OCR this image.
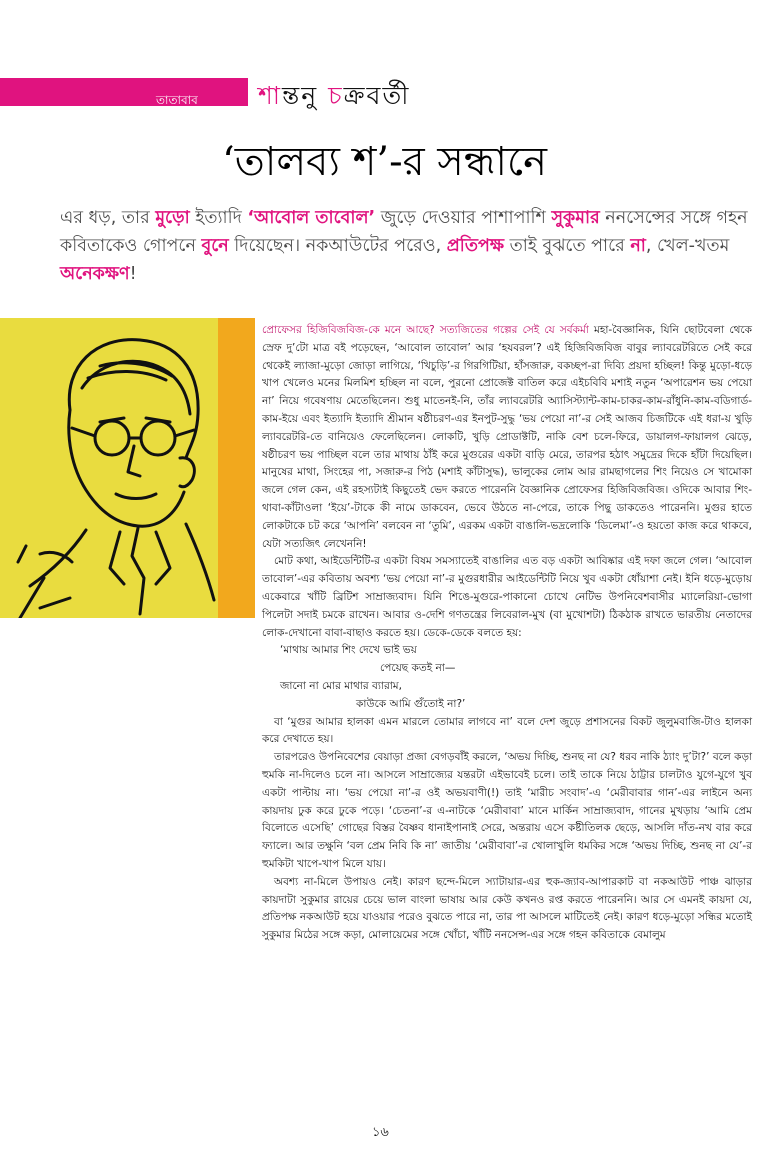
তাতাবাব শান্তনু চক্রবর্তী
‘তালব্য শ’-র সন্ধানে
এর ধড়, তার মুড়ো ইত্যাদি ‘আবোল তাবোল’ জুড়ে দেওয়ার পাশাপাশি সুকুমার ননসেন্সের সঙ্গে গহন কবিতাকেও গোপনে বুনে দিয়েছেন। নকআউটের পরেও, প্রতিপক্ষ তাই বুঝতে পারে না, খেল-খতম অনেকক্ষণ!

প্রোফেসর হিজিবিজবিজ-কে মনে আছে? সত্যজিতের গল্পের সেই যে সর্বকর্মা মহা-বৈজ্ঞানিক, যিনি ছোটবেলা থেকে স্রেফ দু’টো মাত্র বই পড়েছেন, ‘আবোল তাবোল’ আর ‘হযবরল’? এই হিজিবিজবিজ বাবুর ল্যাবরেটরিতে সেই করে থেকেই ল্যাজা-মুড়ো জোড়া লাগিয়ে, ‘খিচুড়ি’-র গিরগিটিয়া, হাঁসজারু, বকচ্ছপ-রা দিব্যি প্রয়দা হচ্ছিল! কিন্তু মুড়ো-ধড়ে খাপ খেলেও মনের মিলমিশ হচ্ছিল না বলে, পুরনো প্রোজেক্ট বাতিল করে এইচবিবি মশাই নতুন ‘অপারেশন ভয় পেয়ো না’ নিয়ে গবেষণায় মেতেছিলেন। শুধু মাতেনই-নি, তাঁর ল্যাবরেটরি অ্যাসিস্ট্যান্ট-কাম-চাকর-কাম-রাঁধুনি-কাম-বডিগার্ড-কাম-ইয়ে এবং ইত্যাদি ইত্যাদি শ্রীমান ষষ্ঠীচরণ-এর ইনপুট-সুদ্ধু ‘ভয় পেয়ো না’-র সেই আজব চিজটিকে এই ধরা-য় খুড়ি ল্যাবরেটরি-তে বানিয়েও ফেলেছিলেন। লোকটি, খুড়ি প্রোডাক্টটি, নাকি বেশ চলে-ফিরে, ডায়ালগ-ফায়ালগ ঝেড়ে, ষষ্ঠীচরণ ভয় পাচ্ছিল বলে তার মাথায় ঠাঁই করে মুগুরের একটা বাড়ি মেরে, তারপর হঠাৎ সমুদ্রের দিকে হাঁটা দিয়েছিল। মানুষের মাথা, সিংহের পা, সজারু-র পিঠ (মশাই কাঁটাসুদ্ধ), ভালুকের লোম আর রামছাগলের শিং নিয়েও সে খামোকা জলে গেল কেন, এই রহস্যটাই কিছুতেই ভেদ করতে পারেননি বৈজ্ঞানিক প্রোফেসর হিজিবিজবিজ। ওদিকে আবার শিং-থাবা-কাঁটাওলা ‘ইয়ে’-টাকে কী নামে ডাকবেন, ভেবে উঠতে না-পেরে, তাকে পিছু ডাকতেও পারেননি। মুগুর হাতে লোকটাকে চট করে ‘আপনি’ বলবেন না ‘তুমি’, এরকম একটা বাঙালি-ভদ্রলোকি ‘ডিলেমা’-ও হয়তো কাজ করে থাকবে, যেটা সত্যজিৎ লেখেননি!

মোট কথা, আইডেন্টিটি-র একটা বিষম সমস্যাতেই বাঙালির এত বড় একটা আবিষ্কার এই দফা জলে গেল। ‘আবোল তাবোল’-এর কবিতায় অবশ্য ‘ভয় পেয়ো না’-র মুগুরধারীর আইডেন্টিটি নিয়ে খুব একটা ধোঁয়াশা নেই। ইনি ধড়ে-মুড়োয় একেবারে খাঁটি ব্রিটিশ সাম্রাজ্যবাদ। যিনি শিঙে-মুগুরে-পাকানো চোখে নেটিভ উপনিবেশবাসীর ম্যালেরিয়া-ভোগা পিলেটা সদাই চমকে রাখেন। আবার ও-দেশি গণতন্ত্রের লিবেরাল-মুখ (বা মুখোশটা) ঠিকঠাক রাখতে ভারতীয় নেতাদের লোক-দেখানো বাবা-বাছাও করতে হয়। ডেকে-ডেকে বলতে হয়:

‘মাথায় আমার শিং দেখে ভাই ভয়
পেয়েছ কতই না—
জানো না মোর মাথার ব্যারাম,
কাউকে আমি গুঁতোই না?’

বা ‘মুগুর আমার হালকা এমন মারলে তোমার লাগবে না’ বলে দেশ জুড়ে প্রশাসনের বিকট জুলুমবাজি-টাও হালকা করে দেখাতে হয়।

তারপরেও উপনিবেশের বেয়াড়া প্রজা বেগড়বাঁই করলে, ‘অভয় দিচ্ছি, শুনছ না যে? ধরব নাকি ঠ্যাং দু’টা?’ বলে কড়া হুমকি না-দিলেও চলে না। আসলে সাম্রাজ্যের যন্তরটা এইভাবেই চলে। তাই তাকে নিয়ে ঠাট্টার চালটাও যুগে-যুগে খুব একটা পাল্টায় না। ‘ভয় পেয়ো না’-র ওই অভয়বাণী(!) তাই ‘মারীচ সংবাদ’-এ ‘মেরীবাবার গান’-এর লাইনে অন্য কায়দায় ঢুক করে ঢুকে পড়ে। ‘চেতনা’-র এ-নাটকে ‘মেরীবাবা’ মানে মার্কিন সাম্রাজ্যবাদ, গানের মুখড়ায় ‘আমি প্রেম বিলোতে এসেছি’ গোছের বিস্তর বৈষ্ণব ধানাইপানাই সেরে, অন্তরায় এসে কষ্টীতিলক ছেড়ে, আসলি দাঁত-নখ বার করে ফ্যালে। আর তক্ষুনি ‘বল প্রেম নিবি কি না’ জাতীয় ‘মেরীবাবা’-র খোলাখুলি ধমকির সঙ্গে ‘অভয় দিচ্ছি, শুনছ না যে’-র হুমকিটা খাপে-খাপ মিলে যায়।

অবশ্য না-মিলে উপায়ও নেই। কারণ ছন্দে-মিলে স্যাটায়ার-এর হুক-জ্যাব-আপারকাট বা নকআউট পাঞ্চ ঝাড়ার কায়দাটা সুকুমার রায়ের চেয়ে ভাল বাংলা ভাষায় আর কেউ কখনও রপ্ত করতে পারেননি। আর সে এমনই কায়দা যে, প্রতিপক্ষ নকআউট হয়ে যাওয়ার পরেও বুঝতে পারে না, তার পা আসলে মাটিতেই নেই। কারণ ধড়ে-মুড়ো সন্ধির মতোই সুকুমার মিঠের সঙ্গে কড়া, মোলায়েমের সঙ্গে খোঁচা, খাঁটি ননসেন্স-এর সঙ্গে গহন কবিতাকে বেমালুম

১৬
